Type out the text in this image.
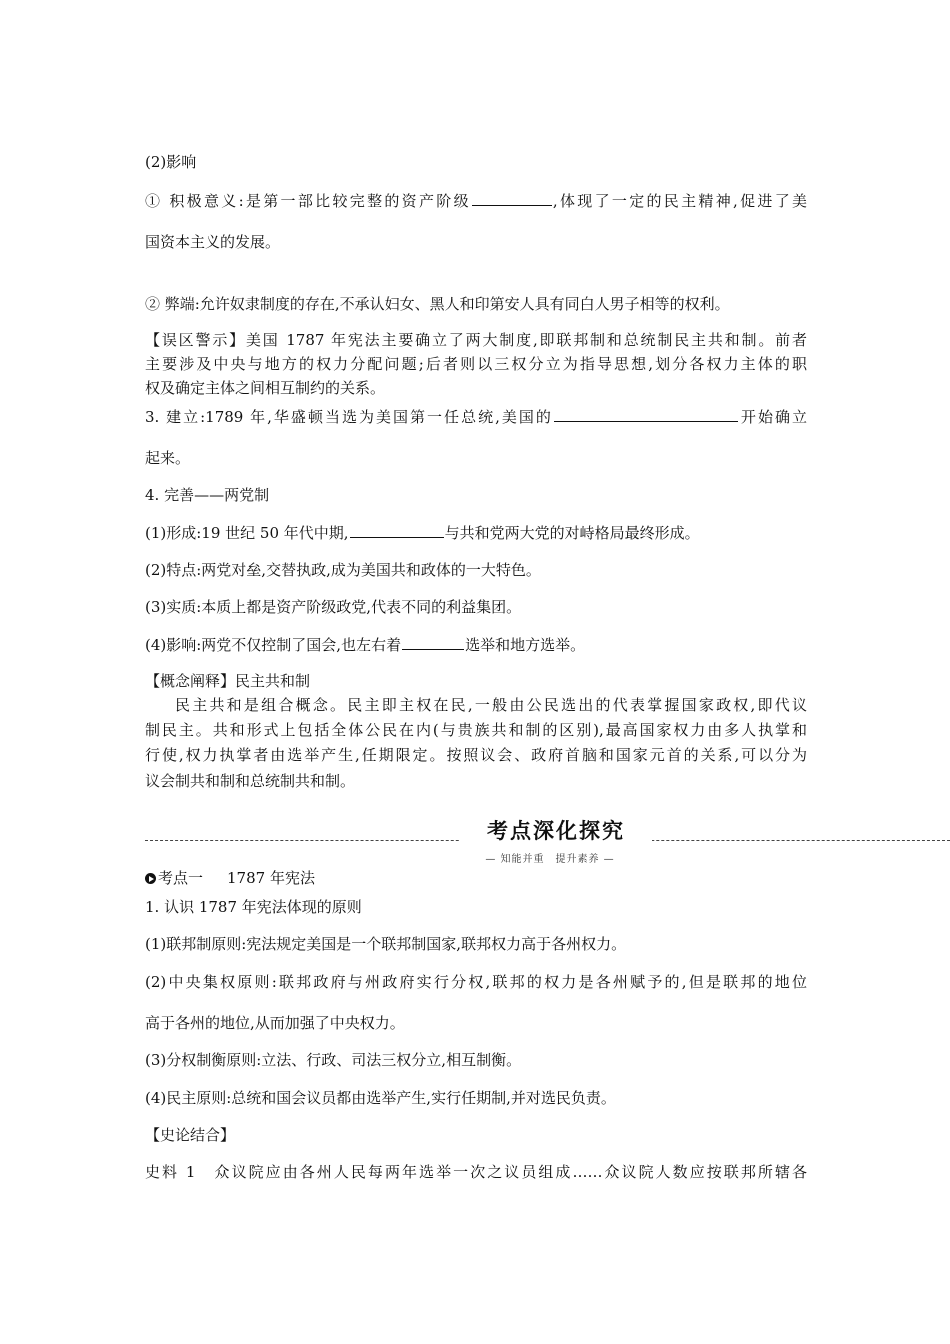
(2)影响
① 积极意义:是第一部比较完整的资产阶级	,体现了一定的民主精神,促进了美
国资本主义的发展。
② 弊端:允许奴隶制度的存在,不承认妇女、黑人和印第安人具有同白人男子相等的权利。
【误区警示】美国 1787 年宪法主要确立了两大制度,即联邦制和总统制民主共和制。前者
主要涉及中央与地方的权力分配问题;后者则以三权分立为指导思想,划分各权力主体的职
权及确定主体之间相互制约的关系。
3. 建立:1789 年,华盛顿当选为美国第一任总统,美国的	开始确立
起来。
4. 完善——两党制
(1)形成:19 世纪 50 年代中期,	与共和党两大党的对峙格局最终形成。
(2)特点:两党对垒,交替执政,成为美国共和政体的一大特色。
(3)实质:本质上都是资产阶级政党,代表不同的利益集团。
(4)影响:两党不仅控制了国会,也左右着	选举和地方选举。
【概念阐释】民主共和制
民主共和是组合概念。民主即主权在民,一般由公民选出的代表掌握国家政权,即代议
制民主。共和形式上包括全体公民在内(与贵族共和制的区别),最高国家权力由多人执掌和
行使,权力执掌者由选举产生,任期限定。按照议会、政府首脑和国家元首的关系,可以分为
议会制共和制和总统制共和制。
考点深化探究
— 知能并重　提升素养 —
考点一 1787 年宪法
1. 认识 1787 年宪法体现的原则
(1)联邦制原则:宪法规定美国是一个联邦制国家,联邦权力高于各州权力。
(2)中央集权原则:联邦政府与州政府实行分权,联邦的权力是各州赋予的,但是联邦的地位
高于各州的地位,从而加强了中央权力。
(3)分权制衡原则:立法、行政、司法三权分立,相互制衡。
(4)民主原则:总统和国会议员都由选举产生,实行任期制,并对选民负责。
【史论结合】
史料 1　众议院应由各州人民每两年选举一次之议员组成……众议院人数应按联邦所辖各
